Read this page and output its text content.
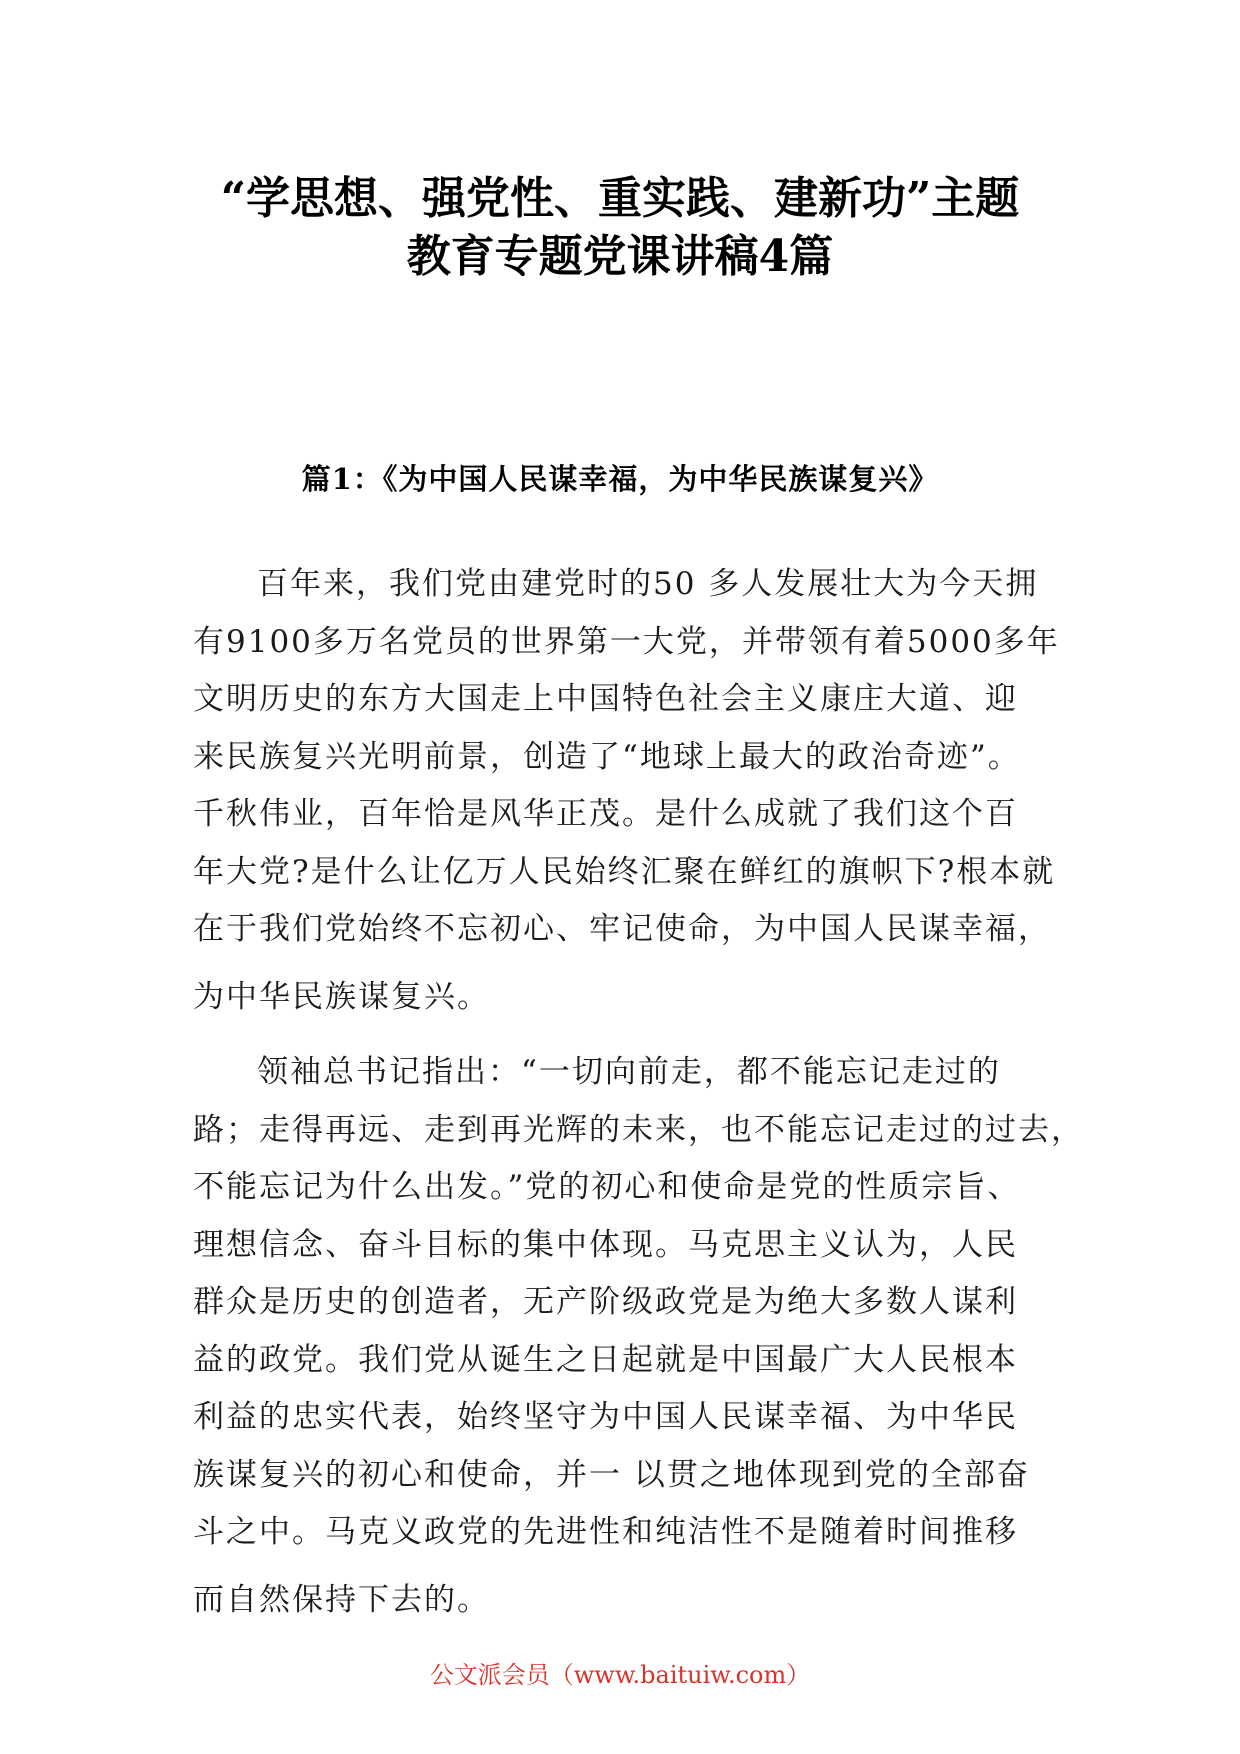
“学思想、强党性、重实践、建新功”主题
教育专题党课讲稿4篇
篇1：《为中国人民谋幸福，为中华民族谋复兴》
百年来，我们党由建党时的50 多人发展壮大为今天拥
有9100多万名党员的世界第一大党，并带领有着5000多年
文明历史的东方大国走上中国特色社会主义康庄大道、迎
来民族复兴光明前景，创造了“地球上最大的政治奇迹”。
千秋伟业，百年恰是风华正茂。是什么成就了我们这个百
年大党?是什么让亿万人民始终汇聚在鲜红的旗帜下?根本就
在于我们党始终不忘初心、牢记使命，为中国人民谋幸福，
为中华民族谋复兴。
领袖总书记指出：“一切向前走，都不能忘记走过的
路；走得再远、走到再光辉的未来，也不能忘记走过的过去，
不能忘记为什么出发。”党的初心和使命是党的性质宗旨、
理想信念、奋斗目标的集中体现。马克思主义认为，人民
群众是历史的创造者，无产阶级政党是为绝大多数人谋利
益的政党。我们党从诞生之日起就是中国最广大人民根本
利益的忠实代表，始终坚守为中国人民谋幸福、为中华民
族谋复兴的初心和使命，并一 以贯之地体现到党的全部奋
斗之中。马克义政党的先进性和纯洁性不是随着时间推移
而自然保持下去的。
公文派会员（www.baituiw.com）
